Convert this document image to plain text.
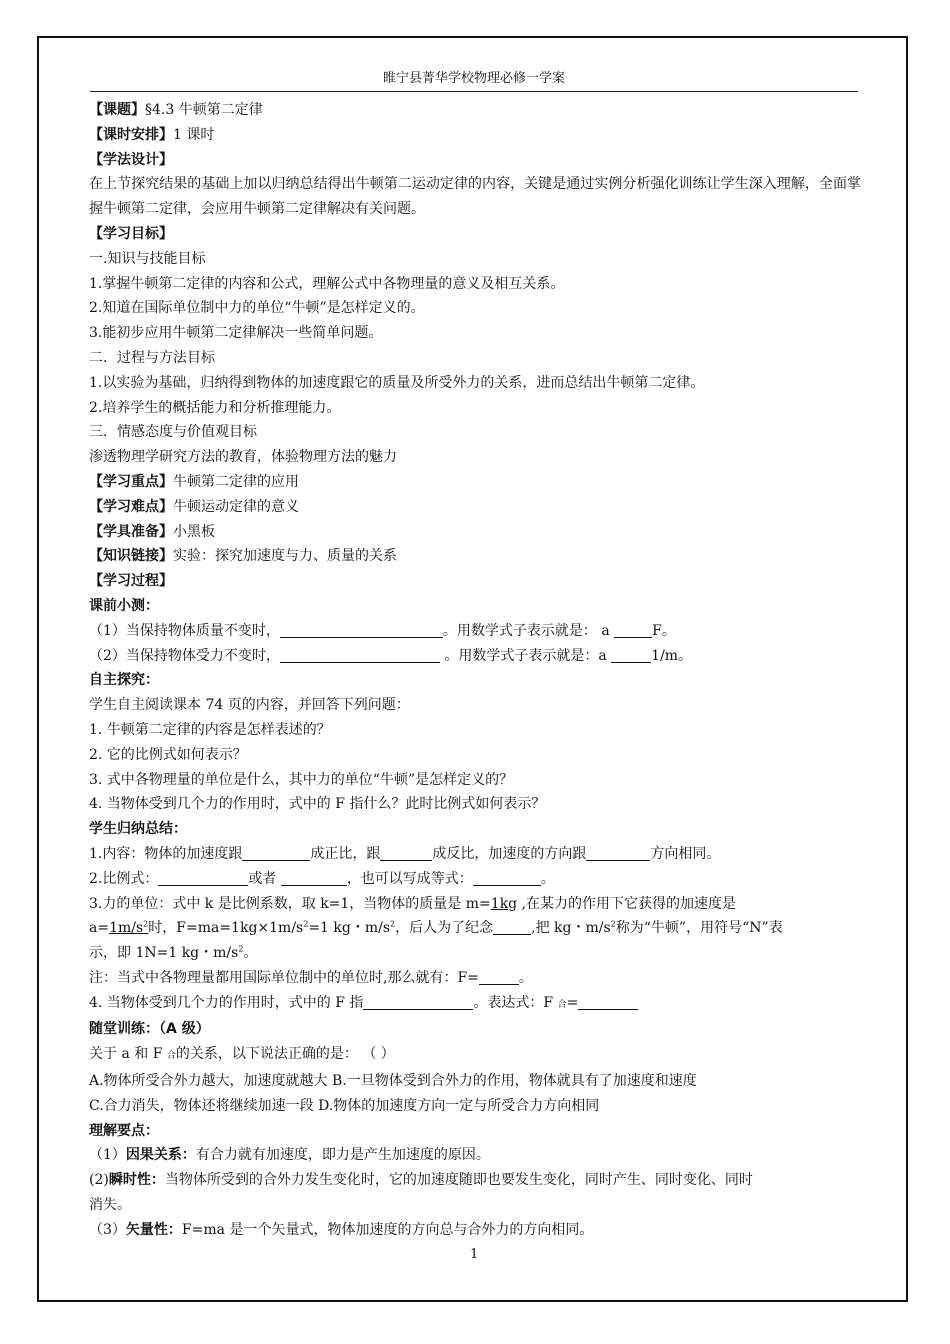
睢宁县菁华学校物理必修一学案
【课题】§4.3 牛顿第二定律
【课时安排】1 课时
【学法设计】
在上节探究结果的基础上加以归纳总结得出牛顿第二运动定律的内容，关键是通过实例分析强化训练让学生深入理解，全面掌握牛顿第二定律，会应用牛顿第二定律解决有关问题。
【学习目标】
一.知识与技能目标
1.掌握牛顿第二定律的内容和公式，理解公式中各物理量的意义及相互关系。
2.知道在国际单位制中力的单位“牛顿”是怎样定义的。
3.能初步应用牛顿第二定律解决一些简单问题。
二．过程与方法目标
1.以实验为基础，归纳得到物体的加速度跟它的质量及所受外力的关系，进而总结出牛顿第二定律。
2.培养学生的概括能力和分析推理能力。
三．情感态度与价值观目标
渗透物理学研究方法的教育，体验物理方法的魅力
【学习重点】牛顿第二定律的应用
【学习难点】牛顿运动定律的意义
【学具准备】小黑板
【知识链接】实验：探究加速度与力、质量的关系
【学习过程】
课前小测：
（1）当保持物体质量不变时，	。用数学式子表示就是： a	F。
（2）当保持物体受力不变时，	。用数学式子表示就是：a	1/m。
自主探究：
学生自主阅读课本 74 页的内容，并回答下列问题：
1. 牛顿第二定律的内容是怎样表述的？
2. 它的比例式如何表示？
3. 式中各物理量的单位是什么，其中力的单位“牛顿”是怎样定义的？
4. 当物体受到几个力的作用时，式中的 F 指什么？此时比例式如何表示？
学生归纳总结：
1.内容：物体的加速度跟	成正比，跟	成反比，加速度的方向跟	方向相同。
2.比例式：	或者	，也可以写成等式：	。
3.力的单位：式中 k 是比例系数，取 k=1，当物体的质量是 m=1kg ,在某力的作用下它获得的加速度是
$a=1m/s^2$时，$F=ma=1kg\times 1m/s^2=1$ kg・$m/s^2$，后人为了纪念	,把 kg・$m/s^2$称为“牛顿”，用符号“N”表
示，即 1N=1 kg・$m/s^2$。
注：当式中各物理量都用国际单位制中的单位时,那么就有：F=	。
4. 当物体受到几个力的作用时，式中的 F 指	。表达式：F 合=
随堂训练：（A 级）
关于 a 和 F 合的关系，以下说法正确的是： （ ）
A.物体所受合外力越大，加速度就越大 B.一旦物体受到合外力的作用，物体就具有了加速度和速度
C.合力消失，物体还将继续加速一段 D.物体的加速度方向一定与所受合力方向相同
理解要点：
（1）因果关系：有合力就有加速度，即力是产生加速度的原因。
(2)瞬时性：当物体所受到的合外力发生变化时，它的加速度随即也要发生变化，同时产生、同时变化、同时
消失。
（3）矢量性：F=ma 是一个矢量式，物体加速度的方向总与合外力的方向相同。
1
